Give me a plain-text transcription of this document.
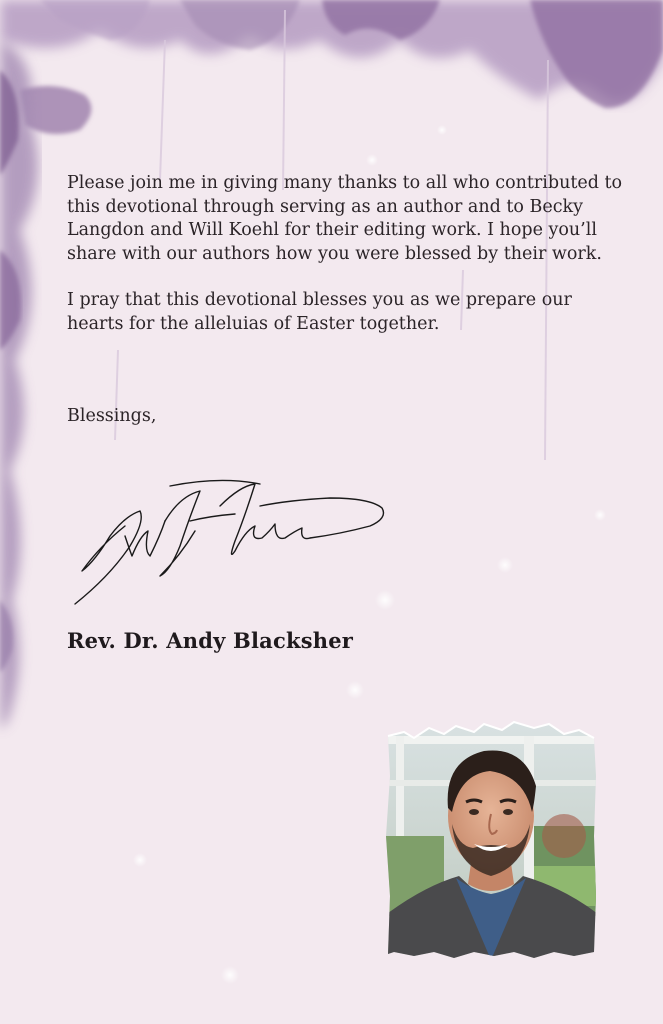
Please join me in giving many thanks to all who contributed to this devotional through serving as an author and to Becky Langdon and Will Koehl for their editing work. I hope you’ll share with our authors how you were blessed by their work.

I pray that this devotional blesses you as we prepare our hearts for the alleluias of Easter together.

Blessings,
Rev. Dr. Andy Blacksher
